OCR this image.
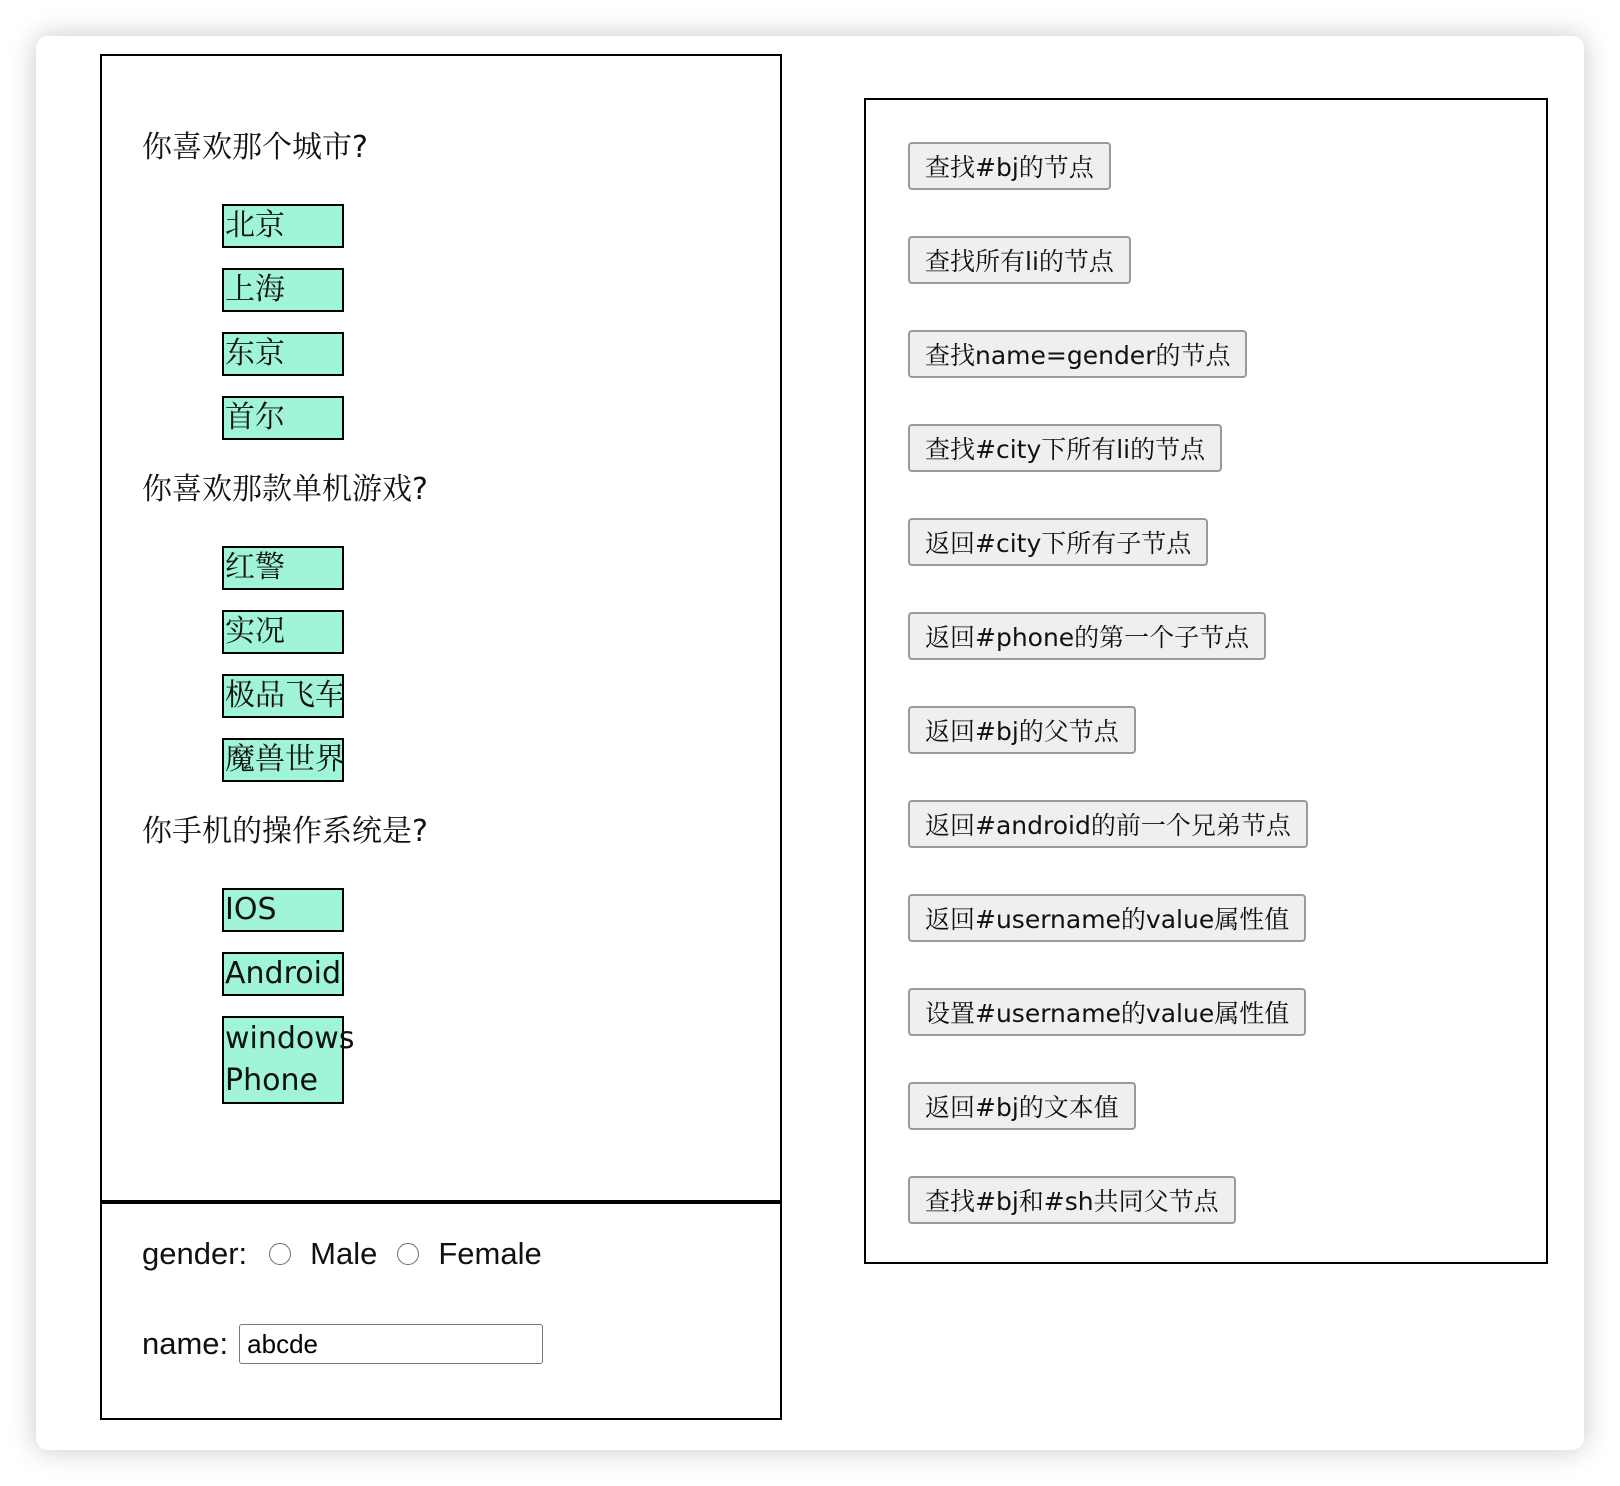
你喜欢那个城市?
北京
上海
东京
首尔
你喜欢那款单机游戏?
红警
实况
极品飞车
魔兽世界
你手机的操作系统是?
IOS
Android
windows
Phone
gender: Male Female
name:
abcde
查找#bj的节点
查找所有li的节点
查找name=gender的节点
查找#city下所有li的节点
返回#city下所有子节点
返回#phone的第一个子节点
返回#bj的父节点
返回#android的前一个兄弟节点
返回#username的value属性值
设置#username的value属性值
返回#bj的文本值
查找#bj和#sh共同父节点
